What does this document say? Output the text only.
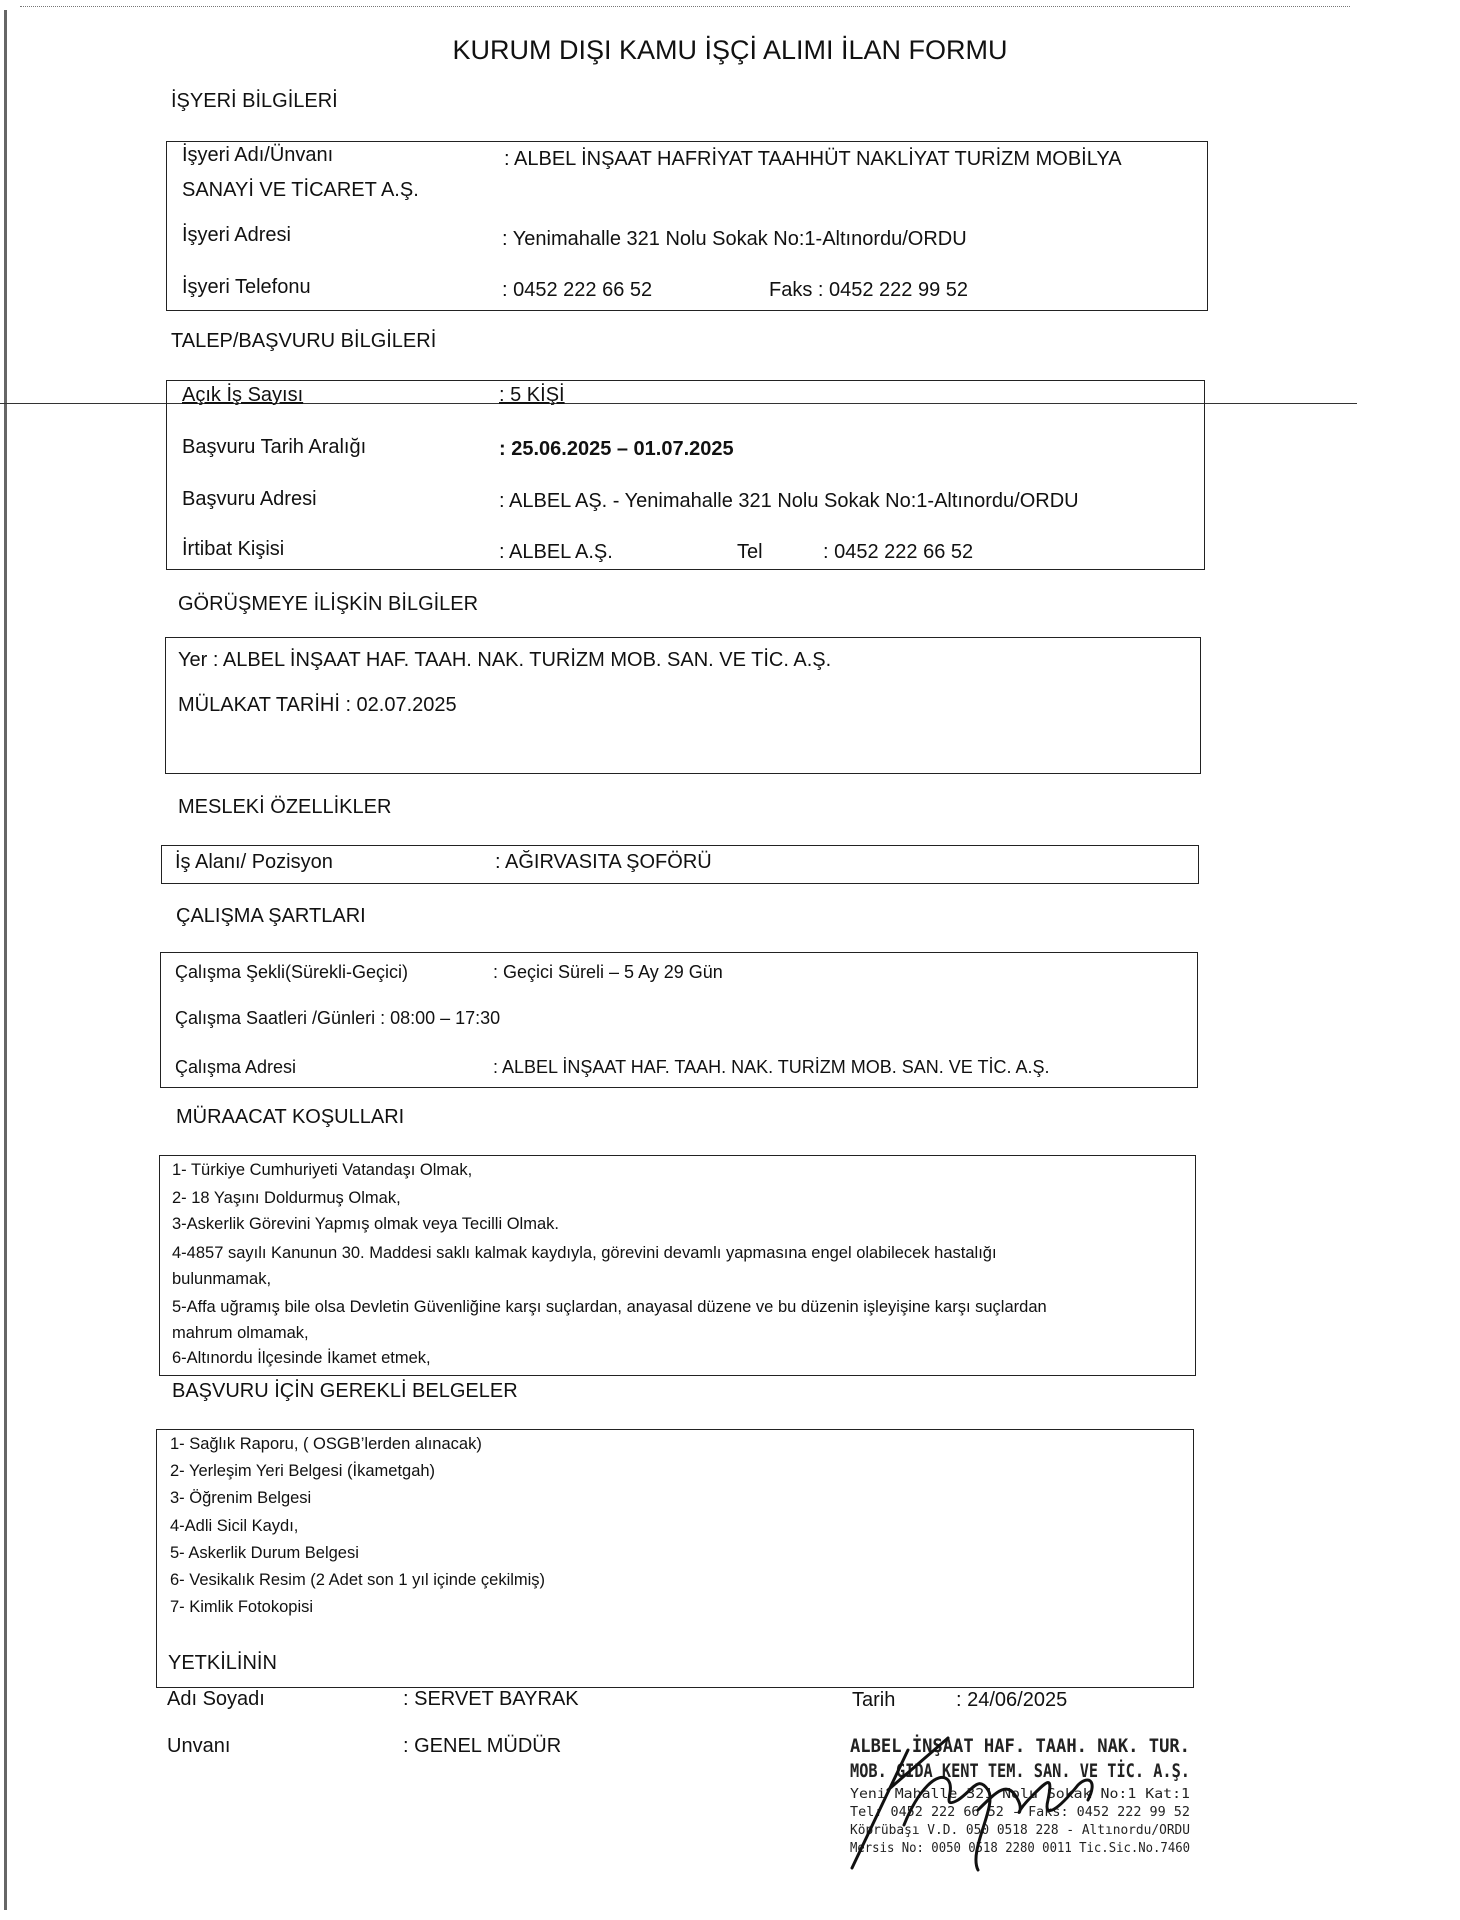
KURUM DIŞI KAMU İŞÇİ ALIMI İLAN FORMU
İŞYERİ BİLGİLERİ
İşyeri Adı/Ünvanı	: ALBEL İNŞAAT HAFRİYAT TAAHHÜT NAKLİYAT TURİZM MOBİLYA
SANAYİ VE TİCARET A.Ş.
İşyeri Adresi	: Yenimahalle 321 Nolu Sokak No:1-Altınordu/ORDU
İşyeri Telefonu	: 0452 222 66 52	Faks : 0452 222 99 52
TALEP/BAŞVURU BİLGİLERİ
Açık İş Sayısı	: 5 KİŞİ
Başvuru Tarih Aralığı	: 25.06.2025 – 01.07.2025
Başvuru Adresi	: ALBEL AŞ. - Yenimahalle 321 Nolu Sokak No:1-Altınordu/ORDU
İrtibat Kişisi	: ALBEL A.Ş.	Tel	: 0452 222 66 52
GÖRÜŞMEYE İLİŞKİN BİLGİLER
Yer : ALBEL İNŞAAT HAF. TAAH. NAK. TURİZM MOB. SAN. VE TİC. A.Ş.
MÜLAKAT TARİHİ : 02.07.2025
MESLEKİ ÖZELLİKLER
İş Alanı/ Pozisyon	: AĞIRVASITA ŞOFÖRÜ
ÇALIŞMA ŞARTLARI
Çalışma Şekli(Sürekli-Geçici)	: Geçici Süreli – 5 Ay 29 Gün
Çalışma Saatleri /Günleri : 08:00 – 17:30
Çalışma Adresi	: ALBEL İNŞAAT HAF. TAAH. NAK. TURİZM MOB. SAN. VE TİC. A.Ş.
MÜRAACAT KOŞULLARI
1- Türkiye Cumhuriyeti Vatandaşı Olmak,
2- 18 Yaşını Doldurmuş Olmak,
3-Askerlik Görevini Yapmış olmak veya Tecilli Olmak.
4-4857 sayılı Kanunun 30. Maddesi saklı kalmak kaydıyla, görevini devamlı yapmasına engel olabilecek hastalığı
bulunmamak,
5-Affa uğramış bile olsa Devletin Güvenliğine karşı suçlardan, anayasal düzene ve bu düzenin işleyişine karşı suçlardan
mahrum olmamak,
6-Altınordu İlçesinde İkamet etmek,
BAŞVURU İÇİN GEREKLİ BELGELER
1- Sağlık Raporu, ( OSGB’lerden alınacak)
2- Yerleşim Yeri Belgesi (İkametgah)
3- Öğrenim Belgesi
4-Adli Sicil Kaydı,
5- Askerlik Durum Belgesi
6- Vesikalık Resim (2 Adet son 1 yıl içinde çekilmiş)
7- Kimlik Fotokopisi
YETKİLİNİN
Adı Soyadı	: SERVET BAYRAK	Tarih	: 24/06/2025
Unvanı	: GENEL MÜDÜR	ALBEL İNŞAAT HAF. TAAH. NAK. TUR.
MOB. GIDA KENT TEM. SAN. VE TİC. A.Ş.
Yeni Mahalle 321 Nolu Sokak No:1 Kat:1
Tel: 0452 222 66 52 - Faks: 0452 222 99 52
Köprübaşı V.D. 050 0518 228 - Altınordu/ORDU
Mersis No: 0050 0518 2280 0011 Tic.Sic.No.7460
